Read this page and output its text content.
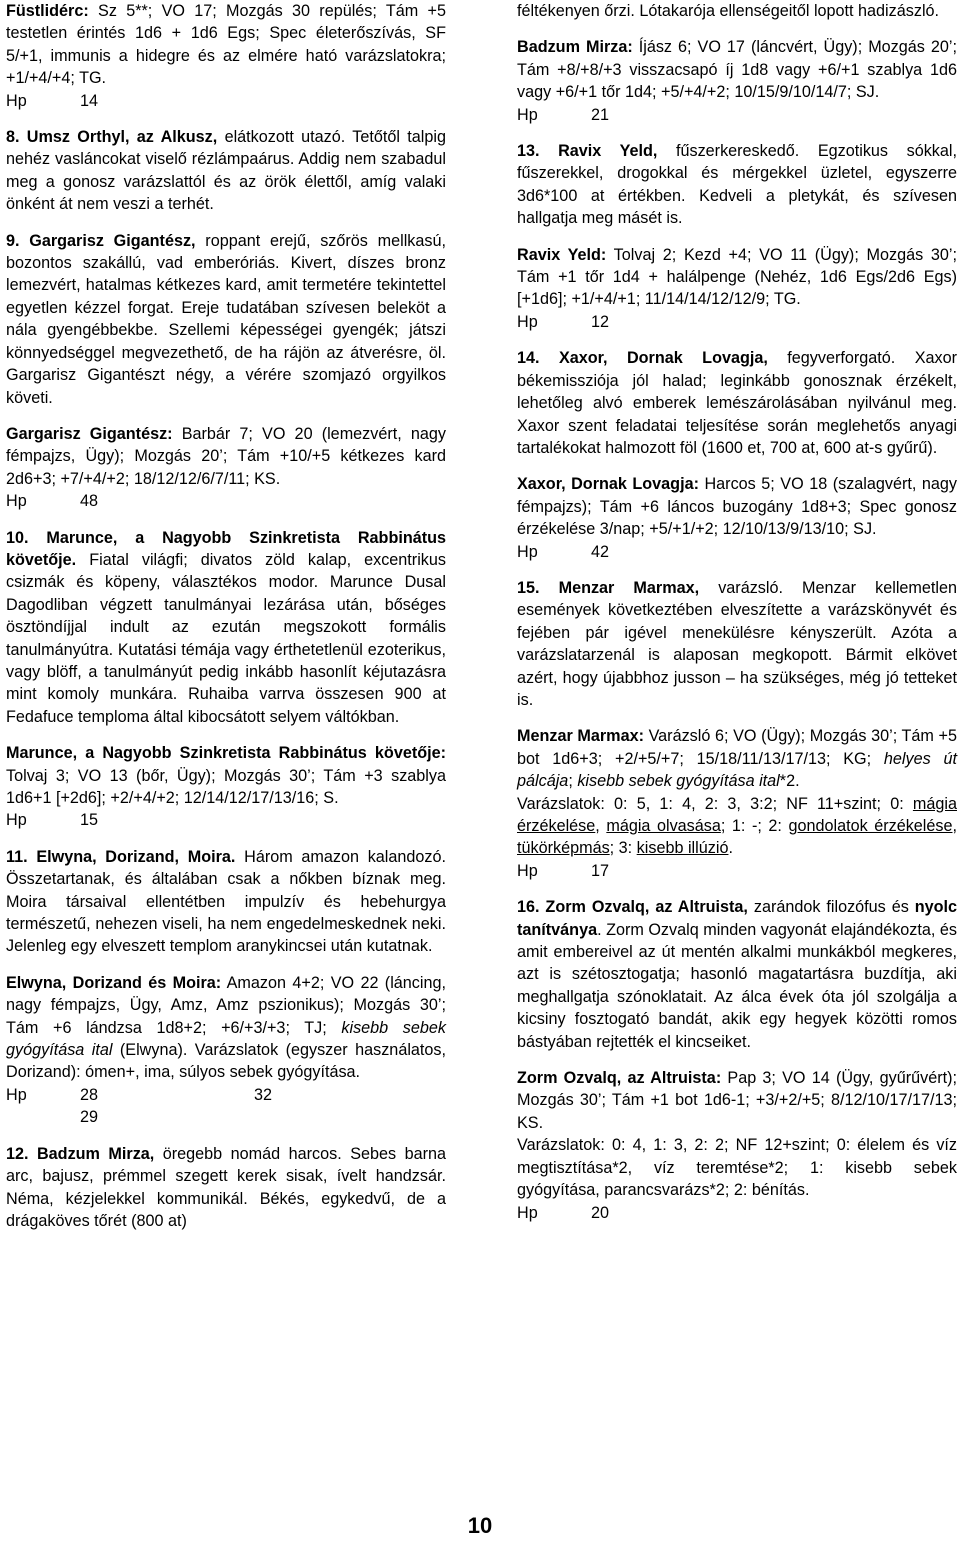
Füstlidérc: Sz 5**; VO 17; Mozgás 30 repülés; Tám +5 testetlen érintés 1d6 + 1d6 Egs; Spec életerőszívás, SF 5/+1, immunis a hidegre és az elmére ható varázslatokra; +1/+4/+4; TG.

Hp	14

8. Umsz Orthyl, az Alkusz, elátkozott utazó. Tetőtől talpig nehéz vasláncokat viselő rézlámpaárus. Addig nem szabadul meg a gonosz varázslattól és az örök élettől, amíg valaki önként át nem veszi a terhét.

9. Gargarisz Gigantész, roppant erejű, szőrös mellkasú, bozontos szakállú, vad emberóriás. Kivert, díszes bronz lemezvért, hatalmas kétkezes kard, amit termetére tekintettel egyetlen kézzel forgat. Ereje tudatában szívesen beleköt a nála gyengébbekbe. Szellemi képességei gyengék; játszi könnyedséggel megvezethető, de ha rájön az átverésre, öl. Gargarisz Gigantészt négy, a vérére szomjazó orgyilkos követi.

Gargarisz Gigantész: Barbár 7; VO 20 (lemezvért, nagy fémpajzs, Ügy); Mozgás 20’; Tám +10/+5 kétkezes kard 2d6+3; +7/+4/+2; 18/12/12/6/7/11; KS.

Hp	48

10. Marunce, a Nagyobb Szinkretista Rabbinátus követője. Fiatal világfi; divatos zöld kalap, excentrikus csizmák és köpeny, választékos modor. Marunce Dusal Dagodliban végzett tanulmányai lezárása után, bőséges ösztöndíjjal indult az ezután megszokott formális tanulmányútra. Kutatási témája vagy érthetetlenül ezoterikus, vagy blöff, a tanulmányút pedig inkább hasonlít kéjutazásra mint komoly munkára. Ruhaiba varrva összesen 900 at Fedafuce temploma által kibocsátott selyem váltókban.

Marunce, a Nagyobb Szinkretista Rabbinátus követője: Tolvaj 3; VO 13 (bőr, Ügy); Mozgás 30’; Tám +3 szablya 1d6+1 [+2d6]; +2/+4/+2; 12/14/12/17/13/16; S.

Hp	15

11. Elwyna, Dorizand, Moira. Három amazon kalandozó. Összetartanak, és általában csak a nőkben bíznak meg. Moira társaival ellentétben impulzív és hebehurgya természetű, nehezen viseli, ha nem engedelmeskednek neki. Jelenleg egy elveszett templom aranykincsei után kutatnak.

Elwyna, Dorizand és Moira: Amazon 4+2; VO 22 (láncing, nagy fémpajzs, Ügy, Amz, Amz pszionikus); Mozgás 30’; Tám +6 lándzsa 1d8+2; +6/+3/+3; TJ; kisebb sebek gyógyítása ital (Elwyna). Varázslatok (egyszer használatos, Dorizand): ómen+, ima, súlyos sebek gyógyítása.

Hp	28	32

29

12. Badzum Mirza, öregebb nomád harcos. Sebes barna arc, bajusz, prémmel szegett kerek sisak, ívelt handzsár. Néma, kézjelekkel kommunikál. Békés, egykedvű, de a drágaköves tőrét (800 at)

féltékenyen őrzi. Lótakarója ellenségeitől lopott hadizászló.

Badzum Mirza: Íjász 6; VO 17 (láncvért, Ügy); Mozgás 20’; Tám +8/+8/+3 visszacsapó íj 1d8 vagy +6/+1 szablya 1d6 vagy +6/+1 tőr 1d4; +5/+4/+2; 10/15/9/10/14/7; SJ.

Hp	21

13. Ravix Yeld, fűszerkereskedő. Egzotikus sókkal, fűszerekkel, drogokkal és mérgekkel üzletel, egyszerre 3d6*100 at értékben. Kedveli a pletykát, és szívesen hallgatja meg másét is.

Ravix Yeld: Tolvaj 2; Kezd +4; VO 11 (Ügy); Mozgás 30’; Tám +1 tőr 1d4 + halálpenge (Nehéz, 1d6 Egs/2d6 Egs) [+1d6]; +1/+4/+1; 11/14/14/12/12/9; TG.

Hp	12

14. Xaxor, Dornak Lovagja, fegyverforgató. Xaxor békemissziója jól halad; leginkább gonosznak érzékelt, lehetőleg alvó emberek lemészárolásában nyilvánul meg. Xaxor szent feladatai teljesítése során meglehetős anyagi tartalékokat halmozott föl (1600 et, 700 at, 600 at-s gyűrű).

Xaxor, Dornak Lovagja: Harcos 5; VO 18 (szalagvért, nagy fémpajzs); Tám +6 láncos buzogány 1d8+3; Spec gonosz érzékelése 3/nap; +5/+1/+2; 12/10/13/9/13/10; SJ.

Hp	42

15. Menzar Marmax, varázsló. Menzar kellemetlen események következtében elveszítette a varázskönyvét és fejében pár igével menekülésre kényszerült. Azóta a varázslatarzenál is alaposan megkopott. Bármit elkövet azért, hogy újabbhoz jusson – ha szükséges, még jó tetteket is.

Menzar Marmax: Varázsló 6; VO (Ügy); Mozgás 30’; Tám +5 bot 1d6+3; +2/+5/+7; 15/18/11/13/17/13; KG; helyes út pálcája; kisebb sebek gyógyítása ital*2.

Varázslatok: 0: 5, 1: 4, 2: 3, 3:2; NF 11+szint; 0: mágia érzékelése, mágia olvasása; 1: -; 2: gondolatok érzékelése, tükörképmás; 3: kisebb illúzió.

Hp	17

16. Zorm Ozvalq, az Altruista, zarándok filozófus és nyolc tanítványa. Zorm Ozvalq minden vagyonát elajándékozta, és amit embereivel az út mentén alkalmi munkákból megkeres, azt is szétosztogatja; hasonló magatartásra buzdítja, aki meghallgatja szónoklatait. Az álca évek óta jól szolgálja a kicsiny fosztogató bandát, akik egy hegyek közötti romos bástyában rejtették el kincseiket.

Zorm Ozvalq, az Altruista: Pap 3; VO 14 (Ügy, gyűrűvért); Mozgás 30’; Tám +1 bot 1d6-1; +3/+2/+5; 8/12/10/17/17/13; KS.

Varázslatok: 0: 4, 1: 3, 2: 2; NF 12+szint; 0: élelem és víz megtisztítása*2, víz teremtése*2; 1: kisebb sebek gyógyítása, parancsvarázs*2; 2: bénítás.

Hp	20

10
